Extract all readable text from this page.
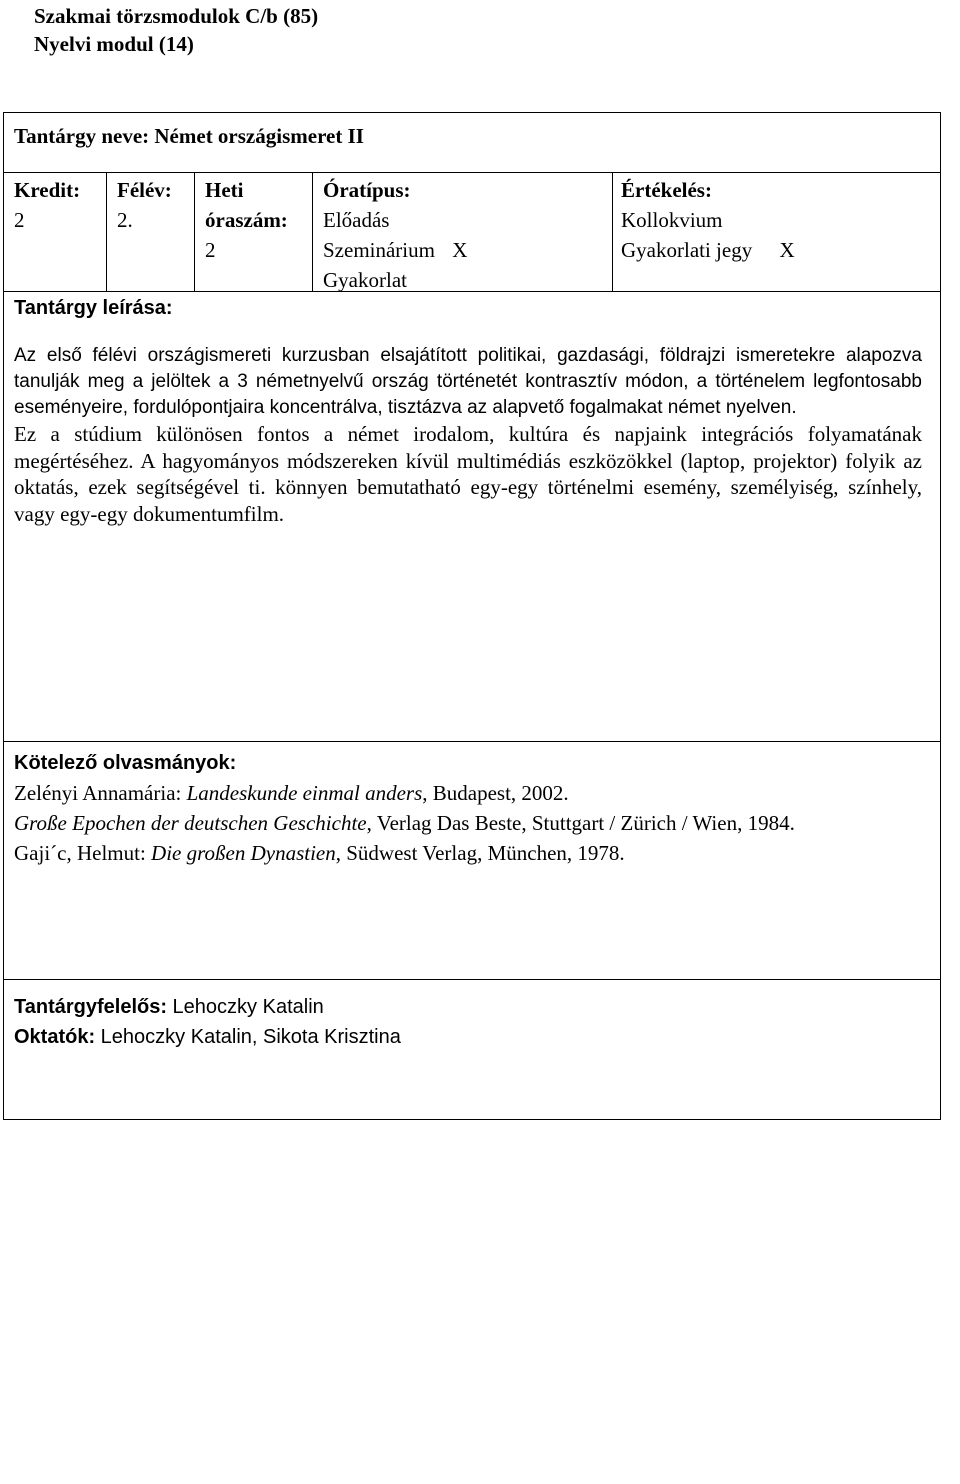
Szakmai törzsmodulok C/b (85)
Nyelvi modul (14)
Tantárgy neve: Német országismeret II
Kredit:
2
Félév:
2.
Heti
óraszám:
2
Óratípus:
Előadás
Szeminárium X
Gyakorlat
Értékelés:
Kollokvium
Gyakorlati jegy X
Tantárgy leírása:

Az első félévi országismereti kurzusban elsajátított politikai, gazdasági, földrajzi ismeretekre alapozva tanulják meg a jelöltek a 3 németnyelvű ország történetét kontrasztív módon, a történelem legfontosabb eseményeire, fordulópontjaira koncentrálva, tisztázva az alapvető fogalmakat német nyelven.

Ez a stúdium különösen fontos a német irodalom, kultúra és napjaink integrációs folyamatának megértéséhez. A hagyományos módszereken kívül multimédiás eszközökkel (laptop, projektor) folyik az oktatás, ezek segítségével ti. könnyen bemutatható egy-egy történelmi esemény, személyiség, színhely, vagy egy-egy dokumentumfilm.

Kötelező olvasmányok:

Zelényi Annamária: Landeskunde einmal anders, Budapest, 2002.

Große Epochen der deutschen Geschichte, Verlag Das Beste, Stuttgart / Zürich / Wien, 1984.

Gaji´c, Helmut: Die großen Dynastien, Südwest Verlag, München, 1978.

Tantárgyfelelős: Lehoczky Katalin

Oktatók: Lehoczky Katalin, Sikota Krisztina
